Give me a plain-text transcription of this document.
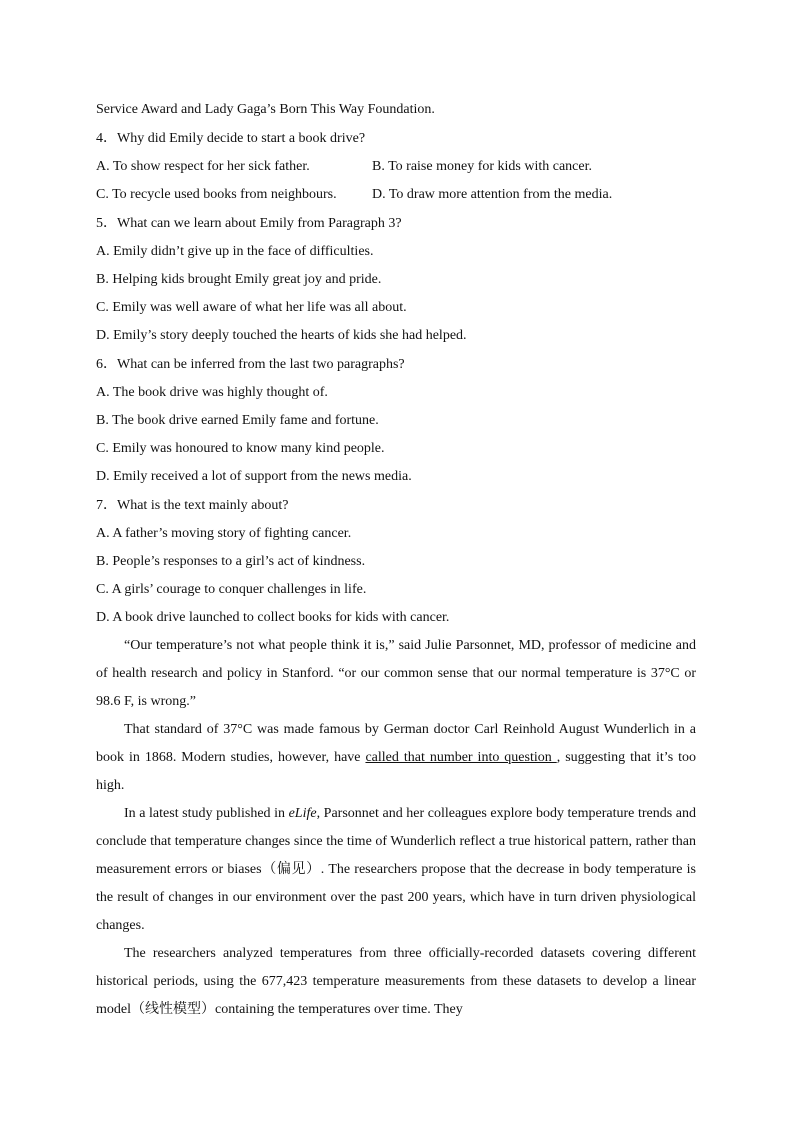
Service Award and Lady Gaga’s Born This Way Foundation.
4．Why did Emily decide to start a book drive?
A. To show respect for her sick father.	B. To raise money for kids with cancer.
C. To recycle used books from neighbours.	D. To draw more attention from the media.
5．What can we learn about Emily from Paragraph 3?
A. Emily didn’t give up in the face of difficulties.
B. Helping kids brought Emily great joy and pride.
C. Emily was well aware of what her life was all about.
D. Emily’s story deeply touched the hearts of kids she had helped.
6．What can be inferred from the last two paragraphs?
A. The book drive was highly thought of.
B. The book drive earned Emily fame and fortune.
C. Emily was honoured to know many kind people.
D. Emily received a lot of support from the news media.
7．What is the text mainly about?
A. A father’s moving story of fighting cancer.
B. People’s responses to a girl’s act of kindness.
C. A girls’ courage to conquer challenges in life.
D. A book drive launched to collect books for kids with cancer.

“Our temperature’s not what people think it is,” said Julie Parsonnet, MD, professor of medicine and of health research and policy in Stanford. “or our common sense that our normal temperature is 37°C or 98.6 F, is wrong.”

That standard of 37°C was made famous by German doctor Carl Reinhold August Wunderlich in a book in 1868. Modern studies, however, have called that number into question , suggesting that it’s too high.

In a latest study published in eLife, Parsonnet and her colleagues explore body temperature trends and conclude that temperature changes since the time of Wunderlich reflect a true historical pattern, rather than measurement errors or biases（偏见）. The researchers propose that the decrease in body temperature is the result of changes in our environment over the past 200 years, which have in turn driven physiological changes.

The researchers analyzed temperatures from three officially-recorded datasets covering different historical periods, using the 677,423 temperature measurements from these datasets to develop a linear model（线性模型）containing the temperatures over time. They
